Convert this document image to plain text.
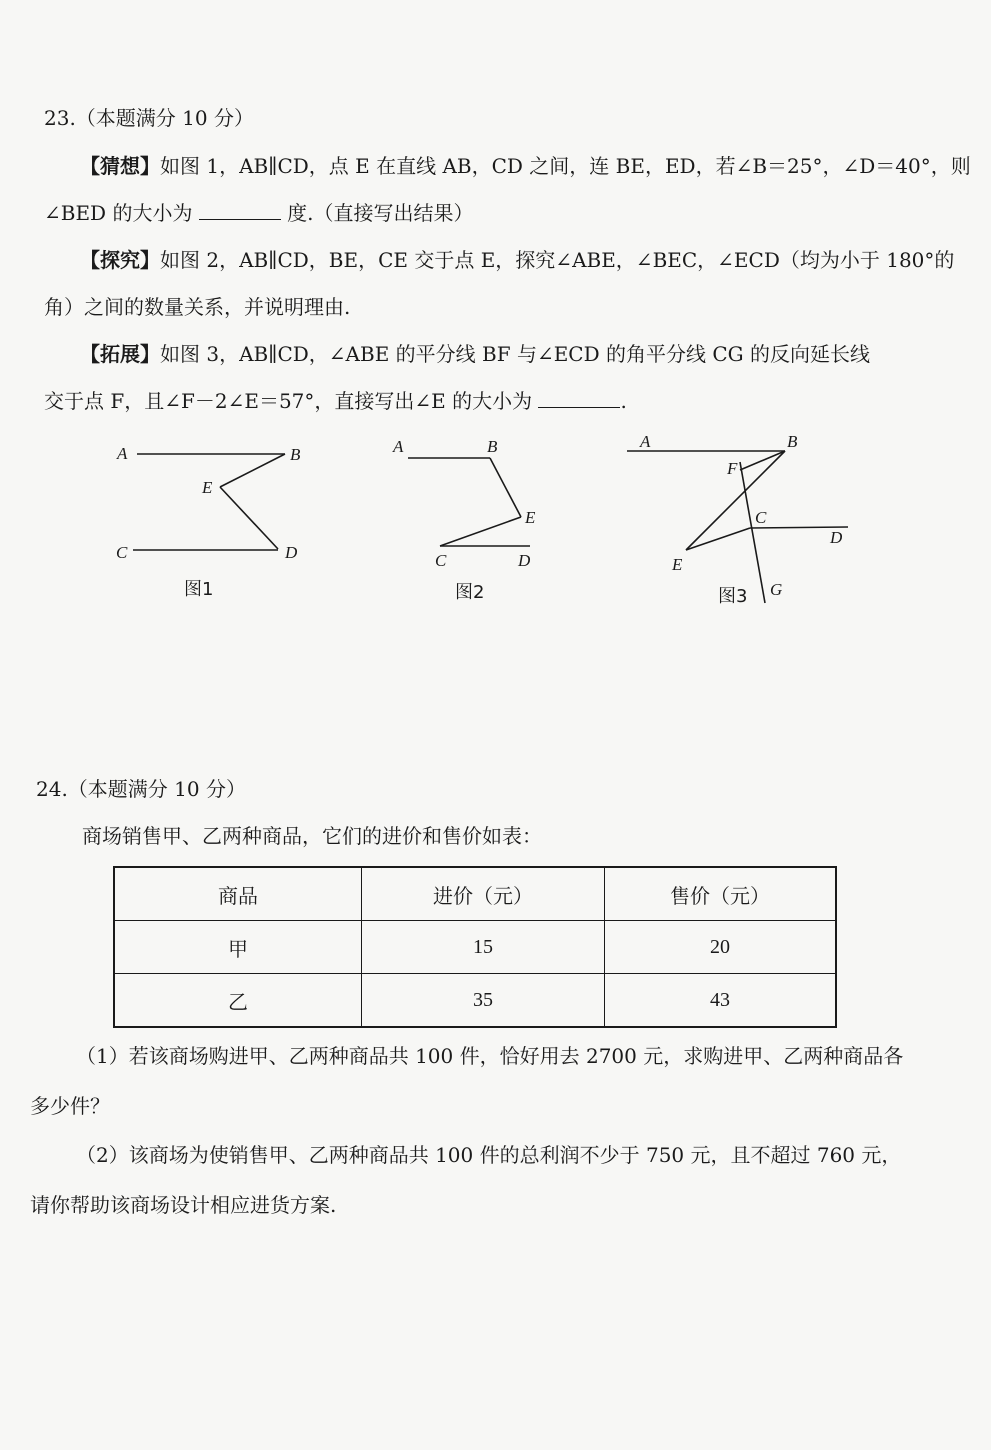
23.（本题满分 10 分）
【猜想】如图 1，AB∥CD，点 E 在直线 AB，CD 之间，连 BE，ED，若∠B＝25°，∠D＝40°，则
∠BED 的大小为	度.（直接写出结果）
【探究】如图 2，AB∥CD，BE，CE 交于点 E，探究∠ABE，∠BEC，∠ECD（均为小于 180°的
角）之间的数量关系，并说明理由.
【拓展】如图 3，AB∥CD，∠ABE 的平分线 BF 与∠ECD 的角平分线 CG 的反向延长线
交于点 F，且∠F－2∠E＝57°，直接写出∠E 的大小为	.
A	B
E
C	D
图1
A	B
E
C	D
图2
A	B
F
C
D
E
G
图3
24.（本题满分 10 分）
商场销售甲、乙两种商品，它们的进价和售价如表：
商品	进价（元）	售价（元）
甲	15	20
乙	35	43
（1）若该商场购进甲、乙两种商品共 100 件，恰好用去 2700 元，求购进甲、乙两种商品各
多少件？
（2）该商场为使销售甲、乙两种商品共 100 件的总利润不少于 750 元，且不超过 760 元，
请你帮助该商场设计相应进货方案.
